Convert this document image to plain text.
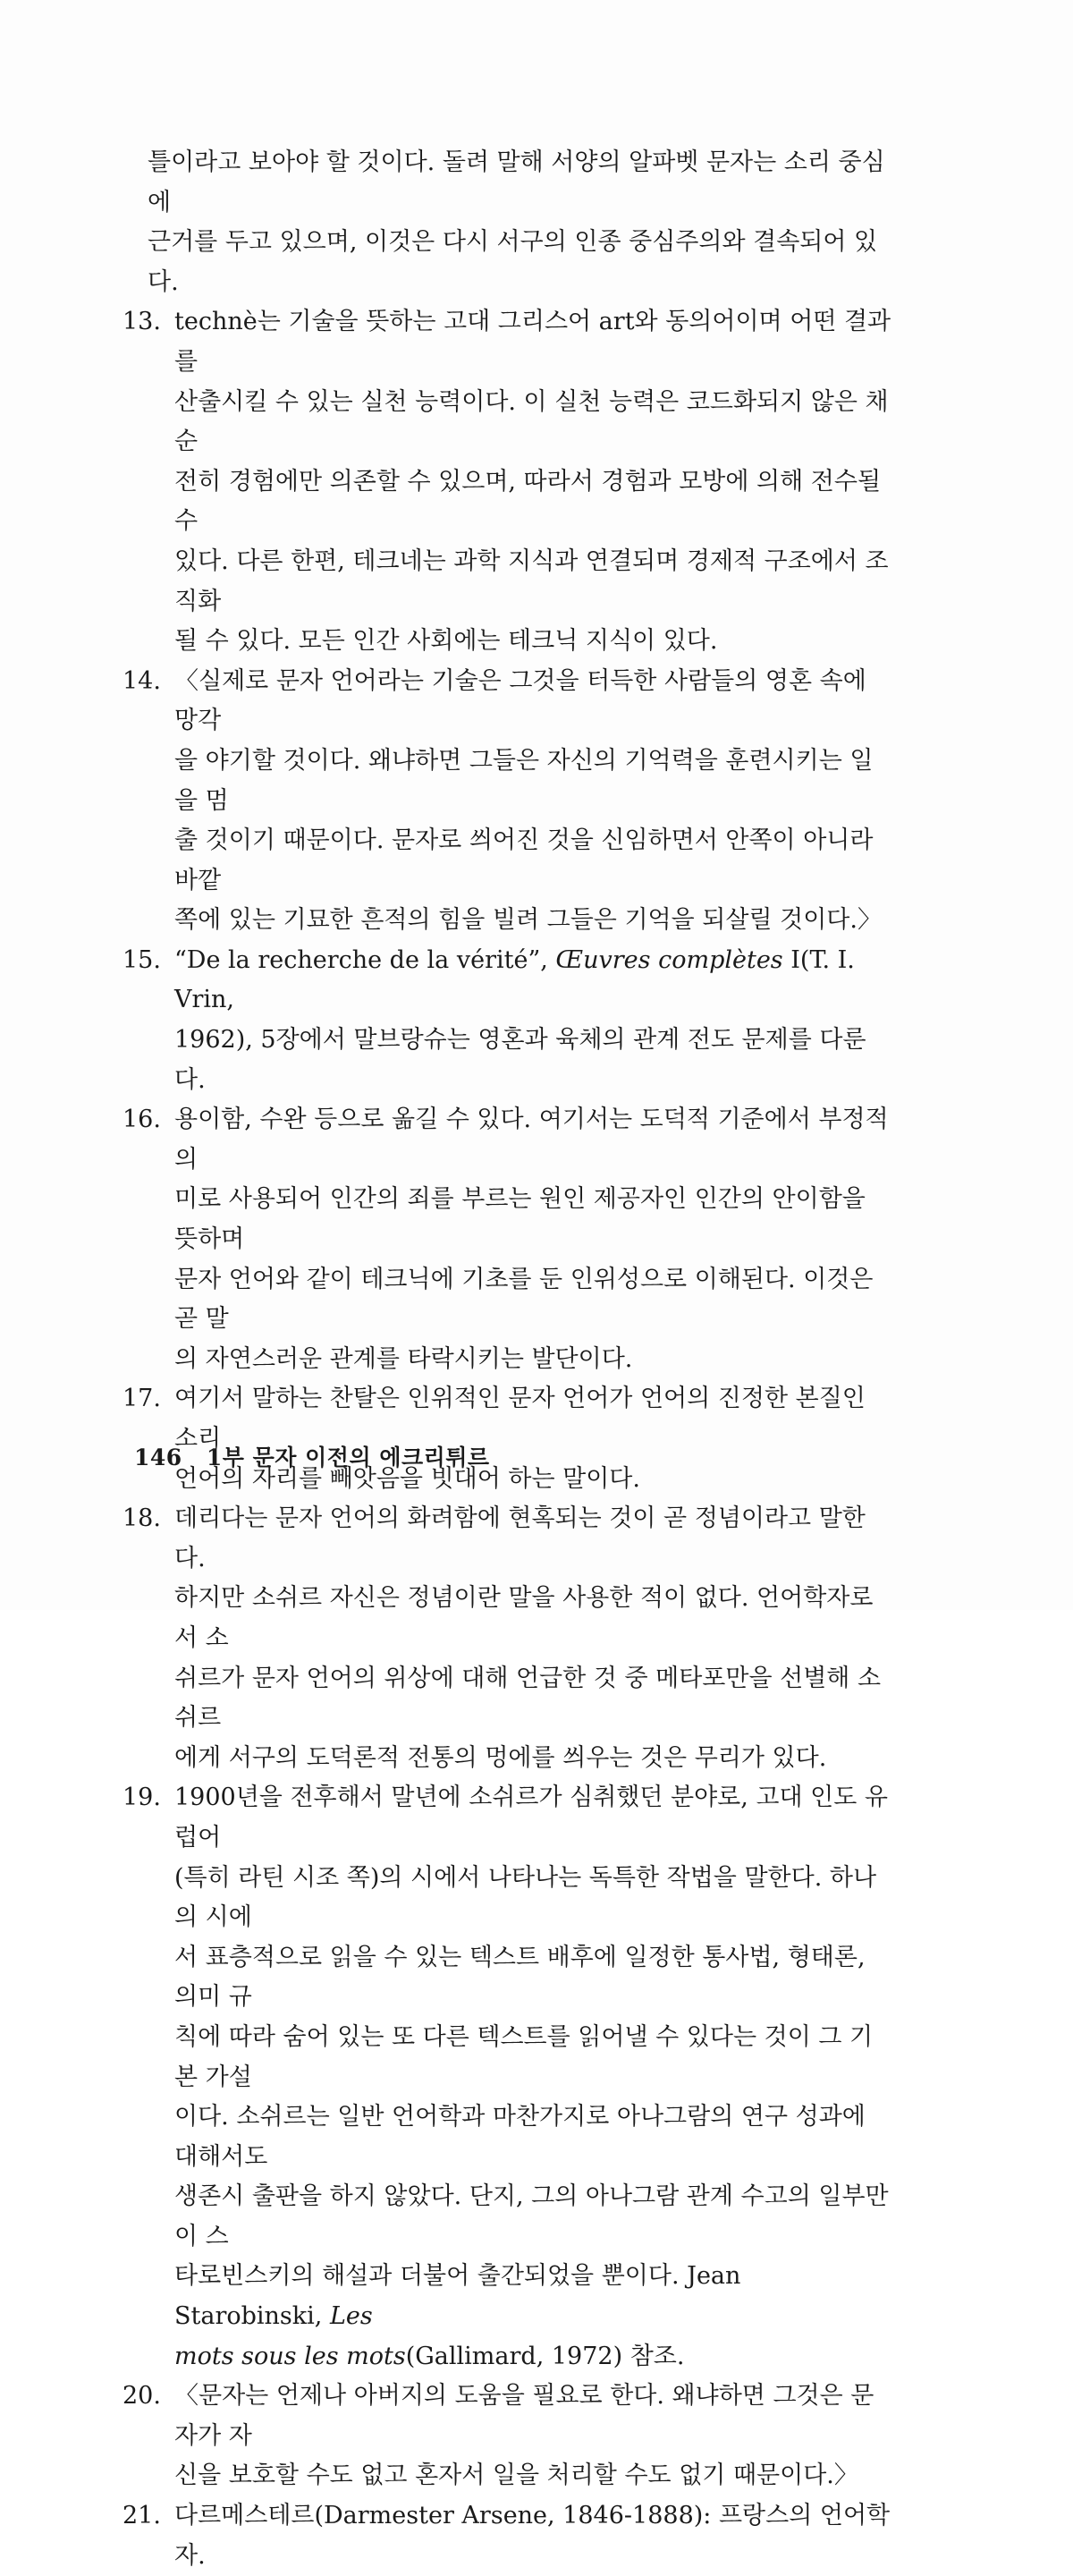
틀이라고 보아야 할 것이다. 돌려 말해 서양의 알파벳 문자는 소리 중심에
근거를 두고 있으며, 이것은 다시 서구의 인종 중심주의와 결속되어 있다.
13. technè는 기술을 뜻하는 고대 그리스어 art와 동의어이며 어떤 결과를
산출시킬 수 있는 실천 능력이다. 이 실천 능력은 코드화되지 않은 채 순
전히 경험에만 의존할 수 있으며, 따라서 경험과 모방에 의해 전수될 수
있다. 다른 한편, 테크네는 과학 지식과 연결되며 경제적 구조에서 조직화
될 수 있다. 모든 인간 사회에는 테크닉 지식이 있다.
14. 〈실제로 문자 언어라는 기술은 그것을 터득한 사람들의 영혼 속에 망각
을 야기할 것이다. 왜냐하면 그들은 자신의 기억력을 훈련시키는 일을 멈
출 것이기 때문이다. 문자로 씌어진 것을 신임하면서 안쪽이 아니라 바깥
쪽에 있는 기묘한 흔적의 힘을 빌려 그들은 기억을 되살릴 것이다.〉
15. “De la recherche de la vérité”, Œuvres complètes I(T. I. Vrin,
1962), 5장에서 말브랑슈는 영혼과 육체의 관계 전도 문제를 다룬다.
16. 용이함, 수완 등으로 옮길 수 있다. 여기서는 도덕적 기준에서 부정적 의
미로 사용되어 인간의 죄를 부르는 원인 제공자인 인간의 안이함을 뜻하며
문자 언어와 같이 테크닉에 기초를 둔 인위성으로 이해된다. 이것은 곧 말
의 자연스러운 관계를 타락시키는 발단이다.
17. 여기서 말하는 찬탈은 인위적인 문자 언어가 언어의 진정한 본질인 소리
언어의 자리를 빼앗음을 빗대어 하는 말이다.
18. 데리다는 문자 언어의 화려함에 현혹되는 것이 곧 정념이라고 말한다.
하지만 소쉬르 자신은 정념이란 말을 사용한 적이 없다. 언어학자로서 소
쉬르가 문자 언어의 위상에 대해 언급한 것 중 메타포만을 선별해 소쉬르
에게 서구의 도덕론적 전통의 멍에를 씌우는 것은 무리가 있다.
19. 1900년을 전후해서 말년에 소쉬르가 심취했던 분야로, 고대 인도 유럽어
(특히 라틴 시조 쪽)의 시에서 나타나는 독특한 작법을 말한다. 하나의 시에
서 표층적으로 읽을 수 있는 텍스트 배후에 일정한 통사법, 형태론, 의미 규
칙에 따라 숨어 있는 또 다른 텍스트를 읽어낼 수 있다는 것이 그 기본 가설
이다. 소쉬르는 일반 언어학과 마찬가지로 아나그람의 연구 성과에 대해서도
생존시 출판을 하지 않았다. 단지, 그의 아나그람 관계 수고의 일부만이 스
타로빈스키의 해설과 더불어 출간되었을 뿐이다. Jean Starobinski, Les
mots sous les mots(Gallimard, 1972) 참조.
20. 〈문자는 언제나 아버지의 도움을 필요로 한다. 왜냐하면 그것은 문자가 자
신을 보호할 수도 없고 혼자서 일을 처리할 수도 없기 때문이다.〉
21. 다르메스테르(Darmester Arsene, 1846-1888): 프랑스의 언어학자.
146 1부 문자 이전의 에크리튀르
